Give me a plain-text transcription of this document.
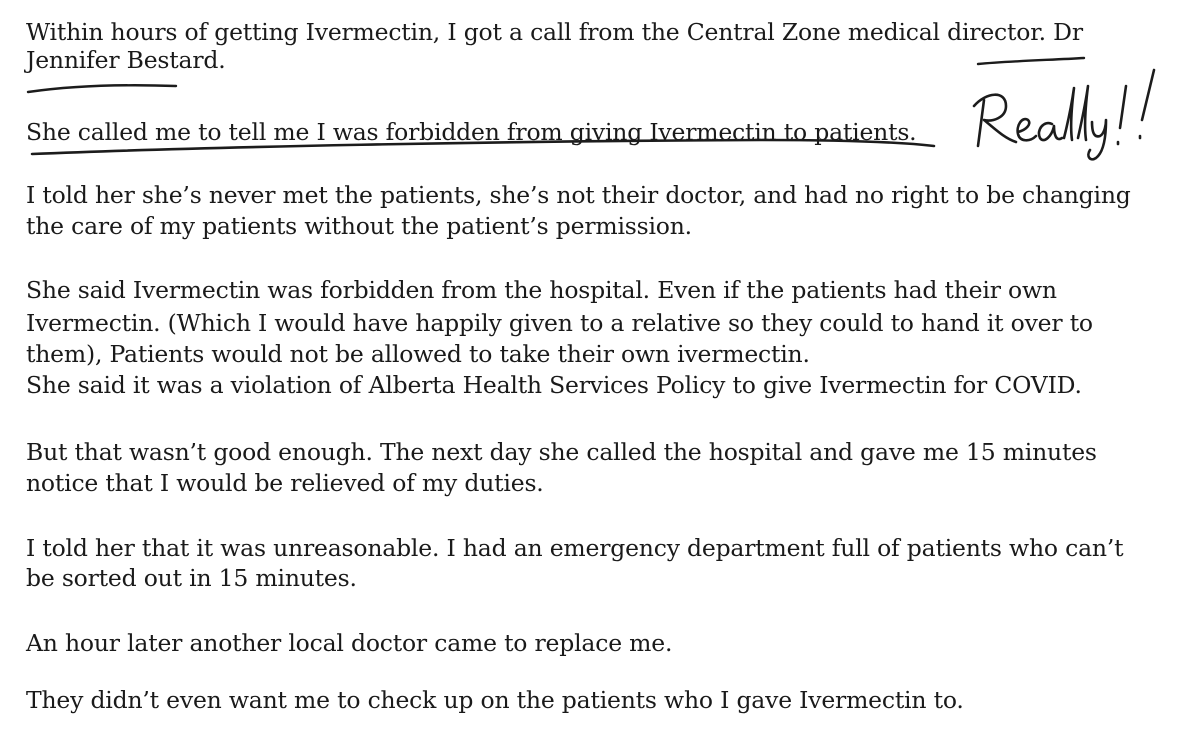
Within hours of getting Ivermectin, I got a call from the Central Zone medical director. Dr
Jennifer Bestard.
She called me to tell me I was forbidden from giving Ivermectin to patients.
I told her she’s never met the patients, she’s not their doctor, and had no right to be changing
the care of my patients without the patient’s permission.
She said Ivermectin was forbidden from the hospital. Even if the patients had their own
Ivermectin. (Which I would have happily given to a relative so they could to hand it over to
them), Patients would not be allowed to take their own ivermectin.
She said it was a violation of Alberta Health Services Policy to give Ivermectin for COVID.
But that wasn’t good enough. The next day she called the hospital and gave me 15 minutes
notice that I would be relieved of my duties.
I told her that it was unreasonable. I had an emergency department full of patients who can’t
be sorted out in 15 minutes.
An hour later another local doctor came to replace me.
They didn’t even want me to check up on the patients who I gave Ivermectin to.
